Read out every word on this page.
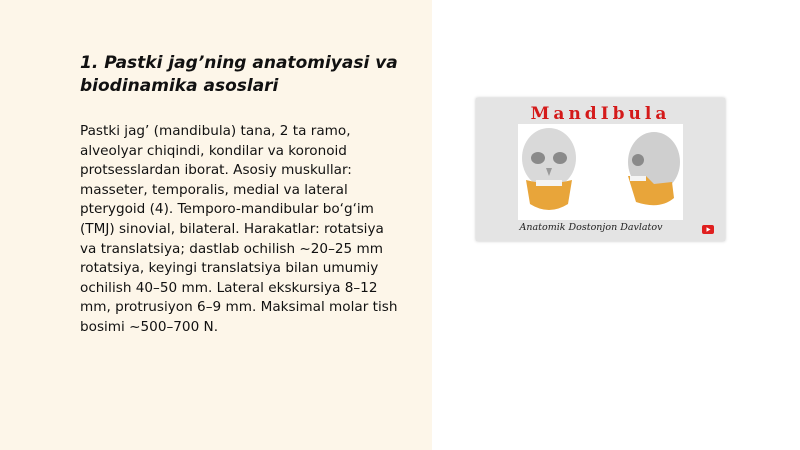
1. Pastki jag’ning anatomiyasi va biodinamika asoslari

Pastki jag’ (mandibula) tana, 2 ta ramo, alveolyar chiqindi, kondilar va koronoid protsesslardan iborat. Asosiy muskullar: masseter, temporalis, medial va lateral pterygoid (4). Temporo-mandibular bo‘g‘im (TMJ) sinovial, bilateral. Harakatlar: rotatsiya va translatsiya; dastlab ochilish ~20–25 mm rotatsiya, keyingi translatsiya bilan umumiy ochilish 40–50 mm. Lateral ekskursiya 8–12 mm, protrusiyon 6–9 mm. Maksimal molar tish bosimi ~500–700 N.

MandIbula
Anatomik Dostonjon Davlatov
